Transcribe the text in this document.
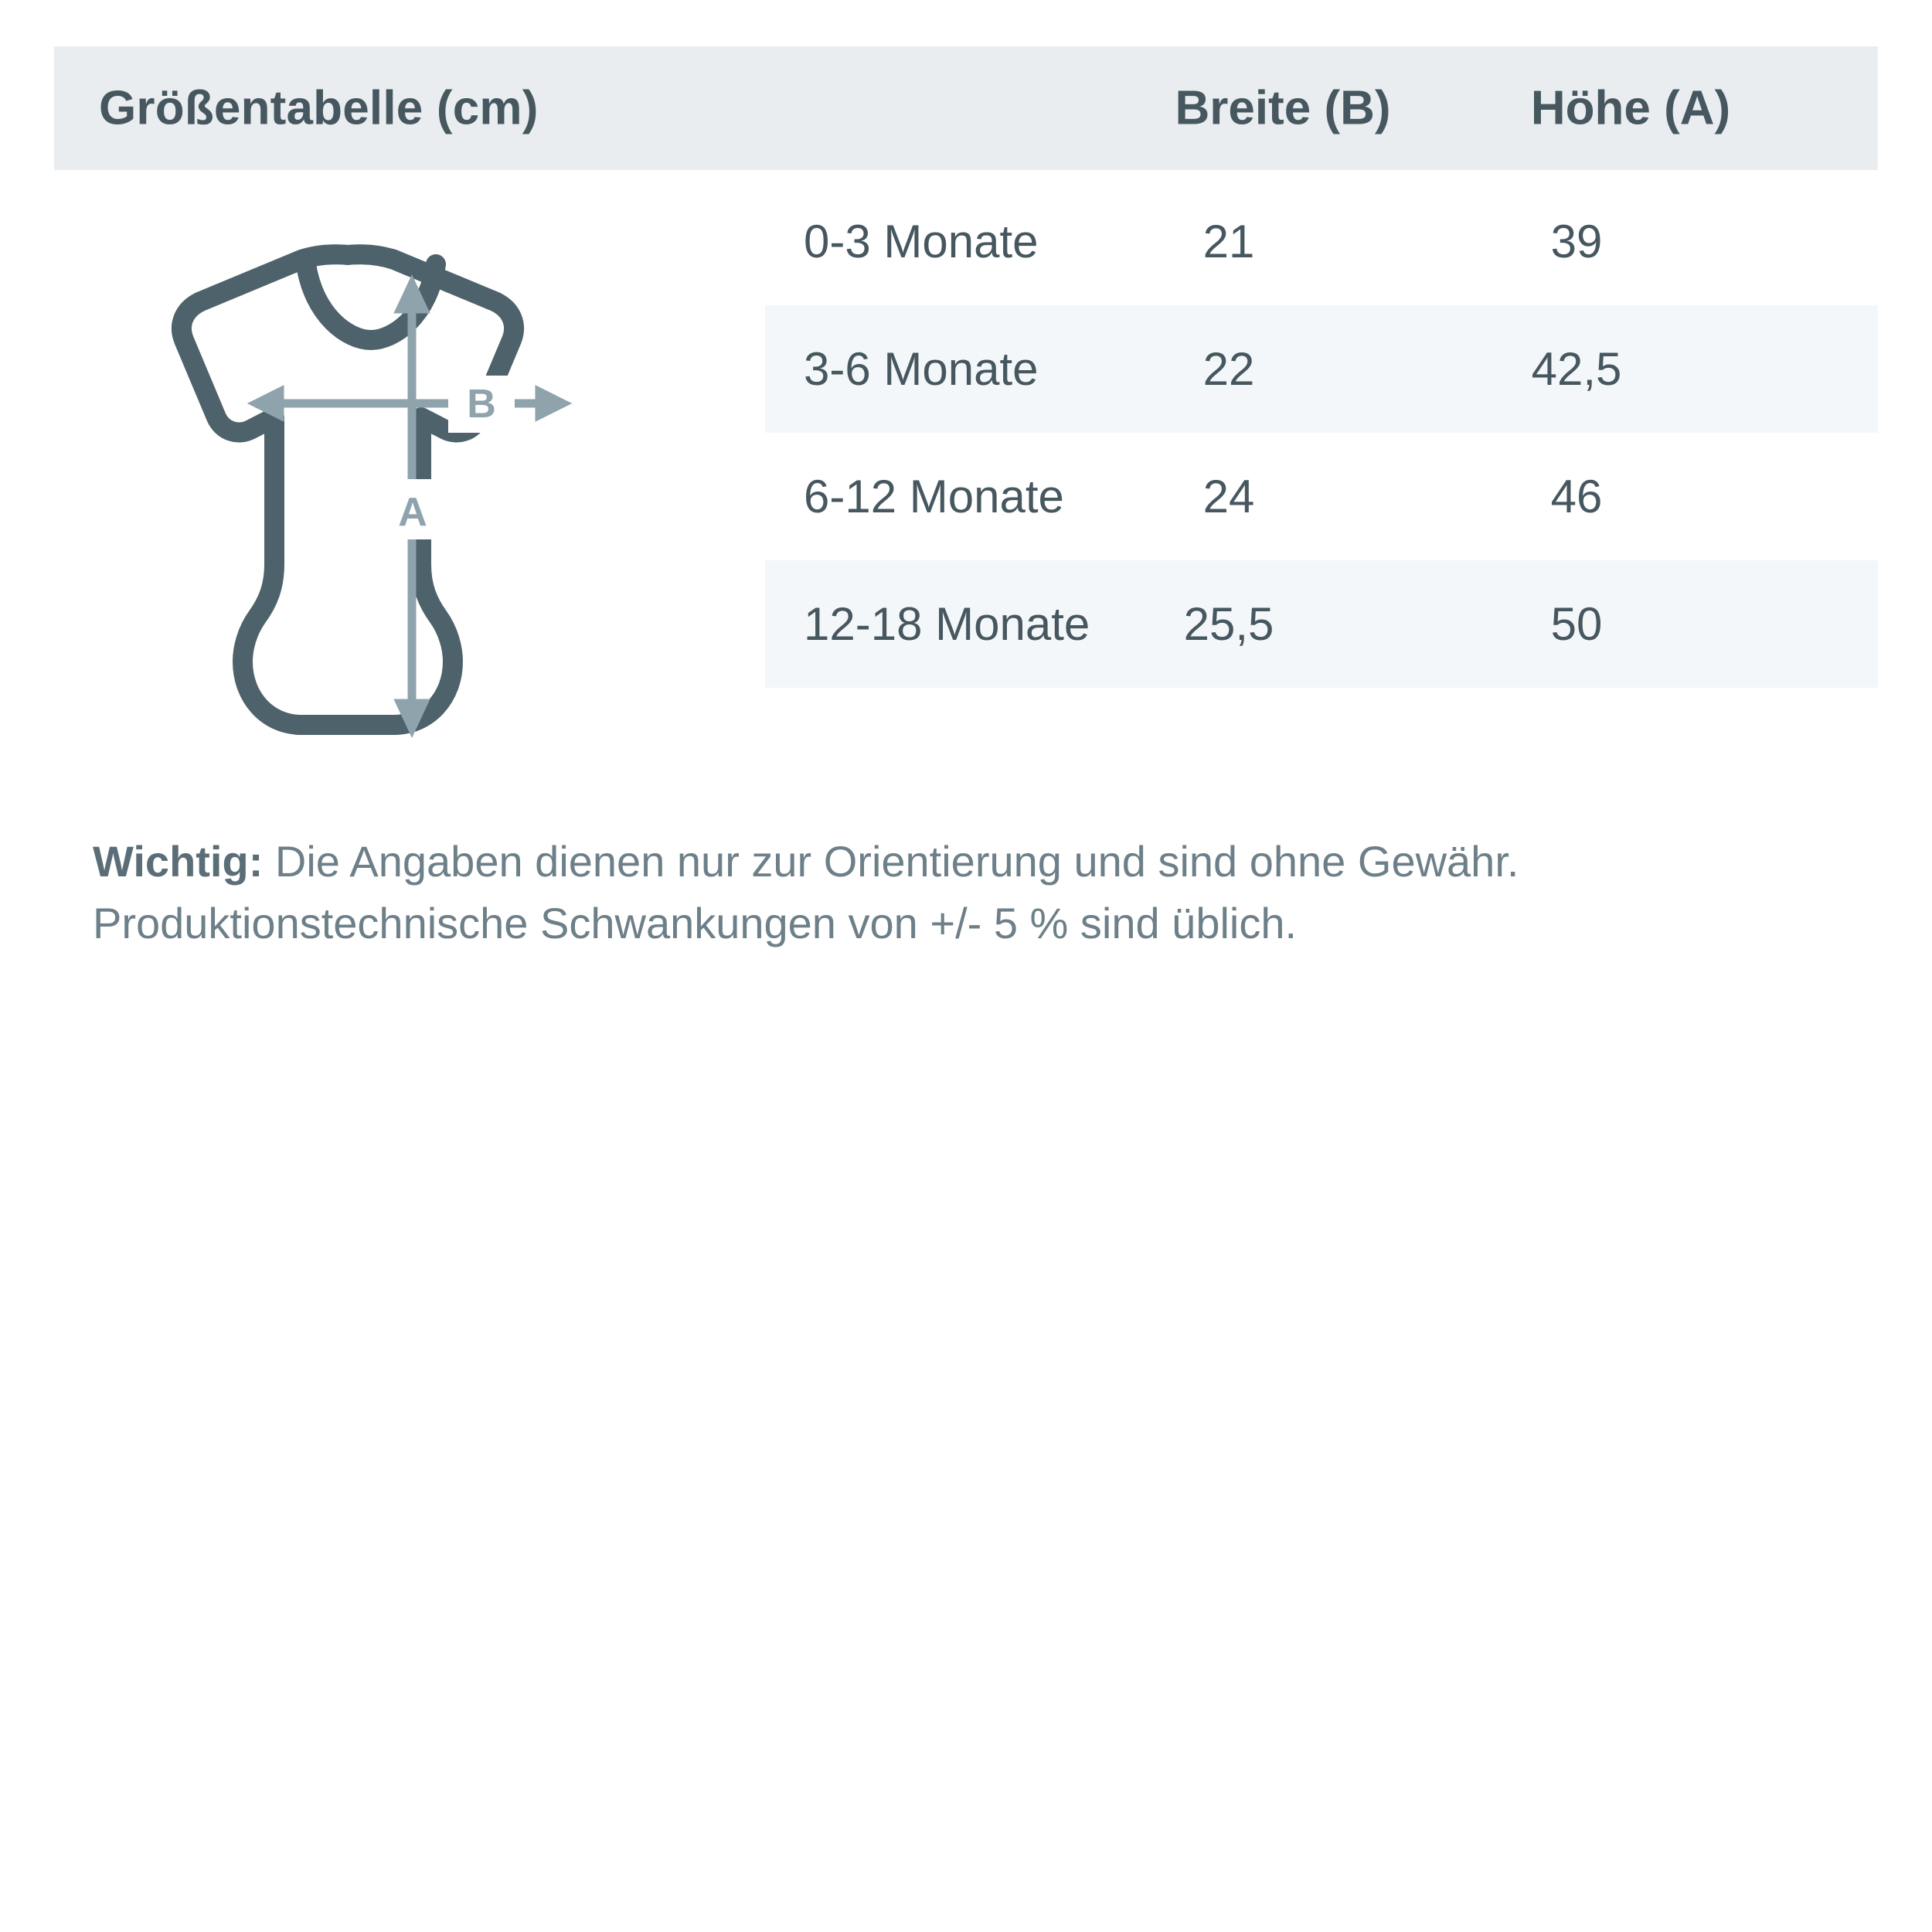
Größentabelle (cm)	Breite (B)	Höhe (A)
B
A
0-3 Monate	21	39
3-6 Monate	22	42,5
6-12 Monate	24	46
12-18 Monate	25,5	50
Wichtig: Die Angaben dienen nur zur Orientierung und sind ohne Gewähr.
Produktionstechnische Schwankungen von +/- 5 % sind üblich.
